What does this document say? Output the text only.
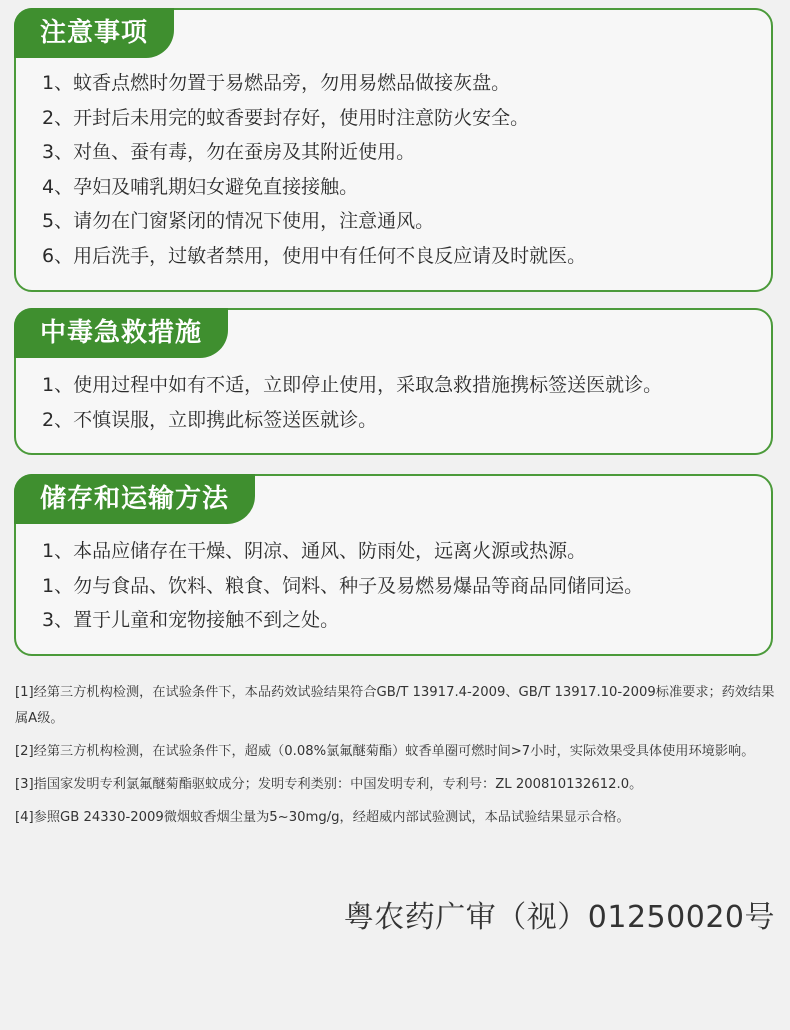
注意事项
1、蚊香点燃时勿置于易燃品旁，勿用易燃品做接灰盘。
2、开封后未用完的蚊香要封存好，使用时注意防火安全。
3、对鱼、蚕有毒，勿在蚕房及其附近使用。
4、孕妇及哺乳期妇女避免直接接触。
5、请勿在门窗紧闭的情况下使用，注意通风。
6、用后洗手，过敏者禁用，使用中有任何不良反应请及时就医。
中毒急救措施
1、使用过程中如有不适，立即停止使用，采取急救措施携标签送医就诊。
2、不慎误服，立即携此标签送医就诊。
储存和运输方法
1、本品应储存在干燥、阴凉、通风、防雨处，远离火源或热源。
1、勿与食品、饮料、粮食、饲料、种子及易燃易爆品等商品同储同运。
3、置于儿童和宠物接触不到之处。

[1]经第三方机构检测，在试验条件下，本品药效试验结果符合GB/T 13917.4-2009、GB/T 13917.10-2009标准要求；药效结果属A级。

[2]经第三方机构检测，在试验条件下，超威（0.08%氯氟醚菊酯）蚊香单圈可燃时间>7小时，实际效果受具体使用环境影响。

[3]指国家发明专利氯氟醚菊酯驱蚊成分；发明专利类别：中国发明专利，专利号：ZL 200810132612.0。

[4]参照GB 24330-2009微烟蚊香烟尘量为5~30mg/g，经超威内部试验测试，本品试验结果显示合格。

粤农药广审（视）01250020号
